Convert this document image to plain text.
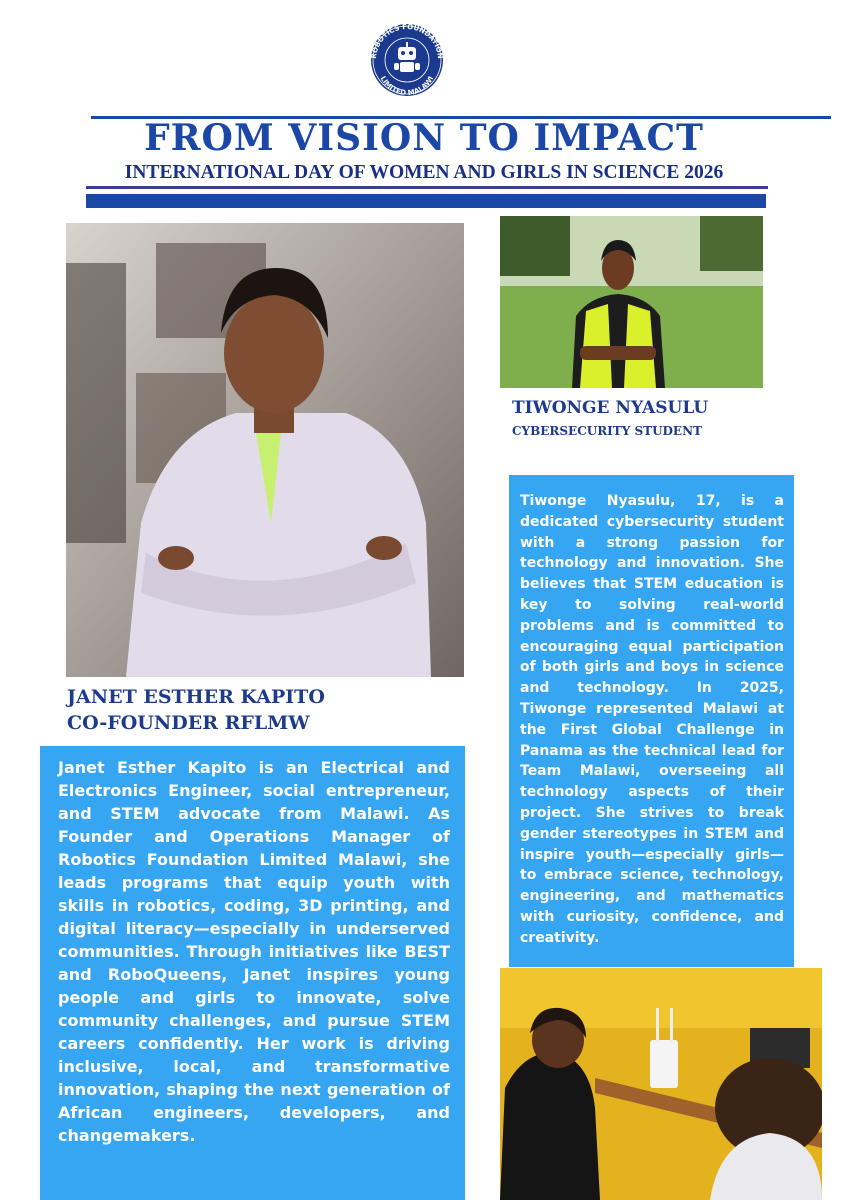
ROBOTICS FOUNDATION
LIMITED MALAWI
FROM VISION TO IMPACT
INTERNATIONAL DAY OF WOMEN AND GIRLS IN SCIENCE 2026
JANET ESTHER KAPITO
CO-FOUNDER RFLMW
TIWONGE NYASULU
CYBERSECURITY STUDENT

Tiwonge Nyasulu, 17, is a dedicated cybersecurity student with a strong passion for technology and innovation. She believes that STEM education is key to solving real-world problems and is committed to encouraging equal participation of both girls and boys in science and technology. In 2025, Tiwonge represented Malawi at the First Global Challenge in Panama as the technical lead for Team Malawi, overseeing all technology aspects of their project. She strives to break gender stereotypes in STEM and inspire youth—especially girls—to embrace science, technology, engineering, and mathematics with curiosity, confidence, and creativity.

Janet Esther Kapito is an Electrical and Electronics Engineer, social entrepreneur, and STEM advocate from Malawi. As Founder and Operations Manager of Robotics Foundation Limited Malawi, she leads programs that equip youth with skills in robotics, coding, 3D printing, and digital literacy—especially in underserved communities. Through initiatives like BEST and RoboQueens, Janet inspires young people and girls to innovate, solve community challenges, and pursue STEM careers confidently. Her work is driving inclusive, local, and transformative innovation, shaping the next generation of African engineers, developers, and changemakers.
